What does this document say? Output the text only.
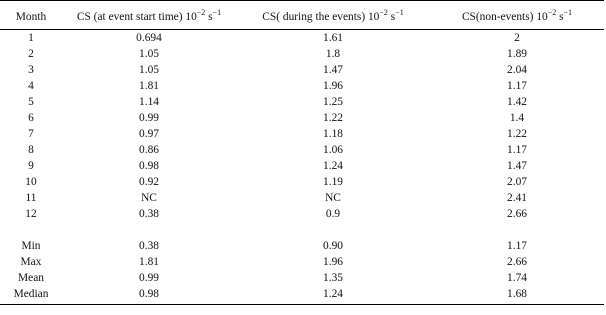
Month	CS (at event start time) $10^{-2}$ $s^{-1}$	CS( during the events) $10^{-2}$ $s^{-1}$	CS(non-events) $10^{-2}$ $s^{-1}$
1	0.694	1.61	2
2	1.05	1.8	1.89
3	1.05	1.47	2.04
4	1.81	1.96	1.17
5	1.14	1.25	1.42
6	0.99	1.22	1.4
7	0.97	1.18	1.22
8	0.86	1.06	1.17
9	0.98	1.24	1.47
10	0.92	1.19	2.07
11	NC	NC	2.41
12	0.38	0.9	2.66

Min	0.38	0.90	1.17
Max	1.81	1.96	2.66
Mean	0.99	1.35	1.74
Median	0.98	1.24	1.68
